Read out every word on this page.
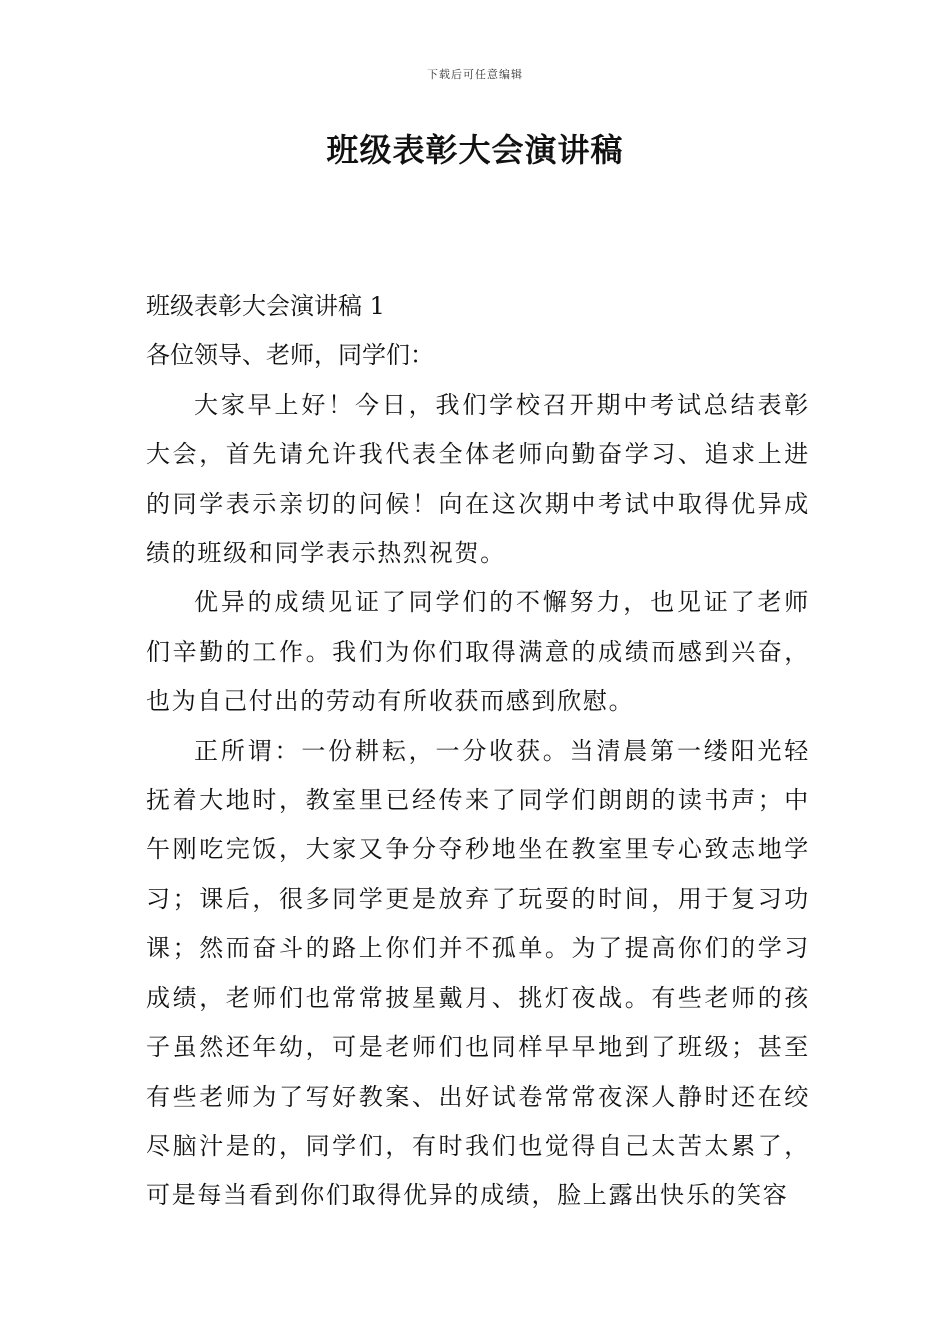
下载后可任意编辑
班级表彰大会演讲稿

班级表彰大会演讲稿 1

各位领导、老师，同学们：

大家早上好！今日，我们学校召开期中考试总结表彰大会，首先请允许我代表全体老师向勤奋学习、追求上进的同学表示亲切的问候！向在这次期中考试中取得优异成绩的班级和同学表示热烈祝贺。

优异的成绩见证了同学们的不懈努力，也见证了老师们辛勤的工作。我们为你们取得满意的成绩而感到兴奋，也为自己付出的劳动有所收获而感到欣慰。

正所谓：一份耕耘，一分收获。当清晨第一缕阳光轻抚着大地时，教室里已经传来了同学们朗朗的读书声；中午刚吃完饭，大家又争分夺秒地坐在教室里专心致志地学习；课后，很多同学更是放弃了玩耍的时间，用于复习功课；然而奋斗的路上你们并不孤单。为了提高你们的学习成绩，老师们也常常披星戴月、挑灯夜战。有些老师的孩子虽然还年幼，可是老师们也同样早早地到了班级；甚至有些老师为了写好教案、出好试卷常常夜深人静时还在绞尽脑汁是的，同学们，有时我们也觉得自己太苦太累了，可是每当看到你们取得优异的成绩，脸上露出快乐的笑容
